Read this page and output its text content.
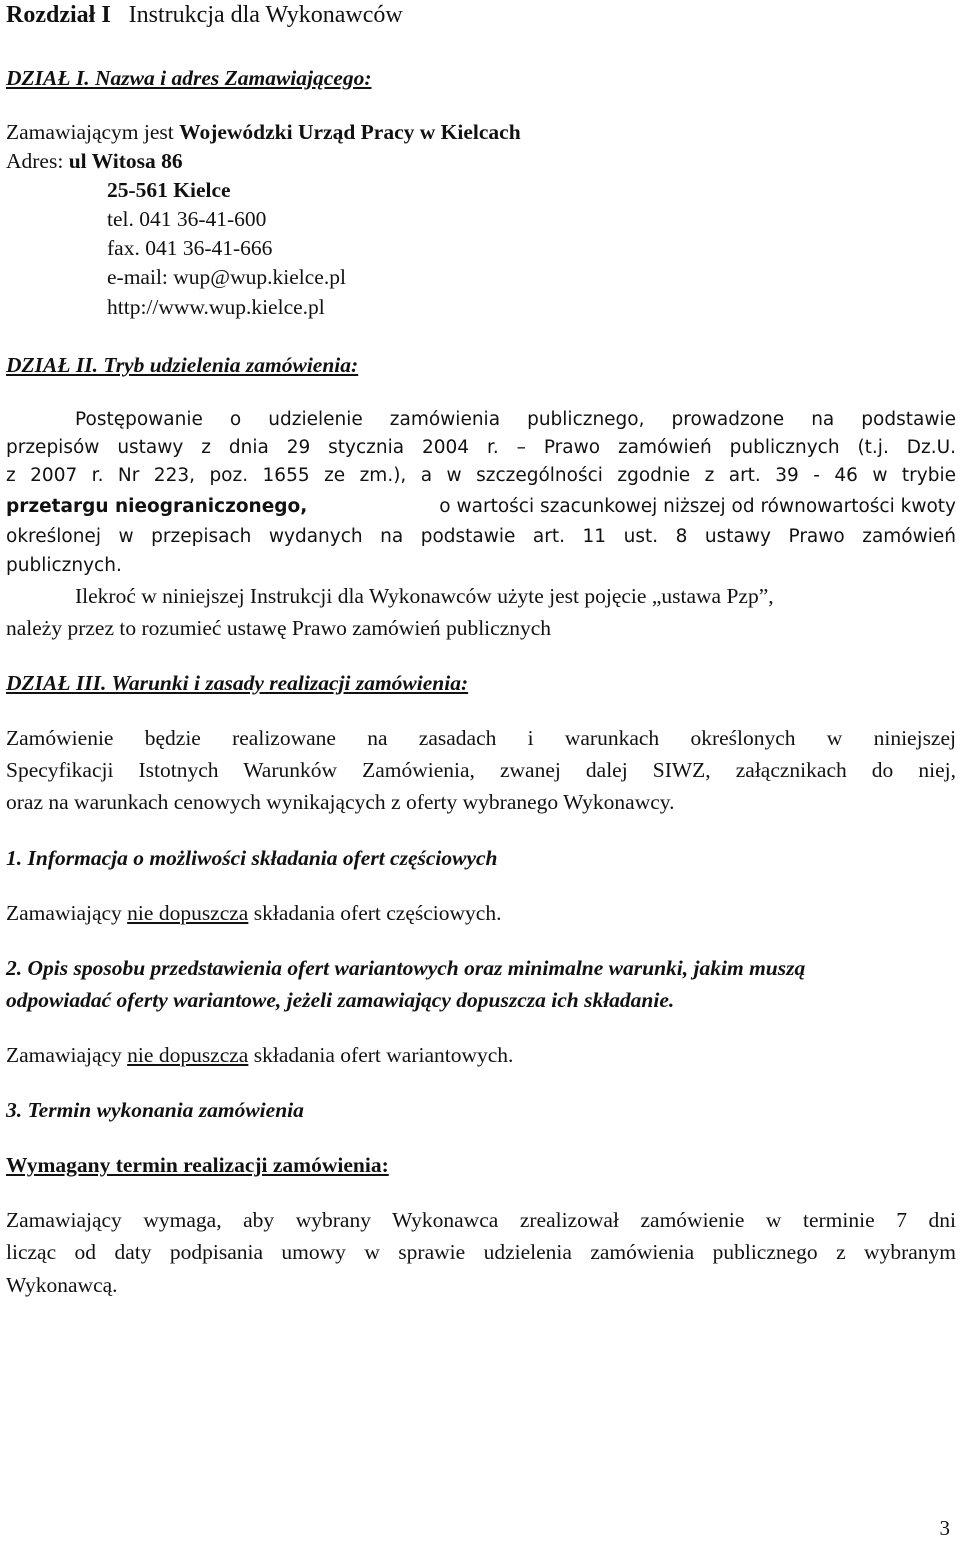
Rozdział I Instrukcja dla Wykonawców
DZIAŁ I. Nazwa i adres Zamawiającego:
Zamawiającym jest Wojewódzki Urząd Pracy w Kielcach
Adres: ul Witosa 86
25-561 Kielce
tel. 041 36-41-600
fax. 041 36-41-666
e-mail: wup@wup.kielce.pl
http://www.wup.kielce.pl
DZIAŁ II. Tryb udzielenia zamówienia:
Postępowanie o udzielenie zamówienia publicznego, prowadzone na podstawie
przepisów ustawy z dnia 29 stycznia 2004 r. – Prawo zamówień publicznych (t.j. Dz.U.
z 2007 r. Nr 223, poz. 1655 ze zm.), a w szczególności zgodnie z art. 39 - 46 w trybie
przetargu nieograniczonego,	o wartości szacunkowej niższej od równowartości kwoty
określonej w przepisach wydanych na podstawie art. 11 ust. 8 ustawy Prawo zamówień
publicznych.
Ilekroć w niniejszej Instrukcji dla Wykonawców użyte jest pojęcie „ustawa Pzp”,
należy przez to rozumieć ustawę Prawo zamówień publicznych
DZIAŁ III. Warunki i zasady realizacji zamówienia:
Zamówienie będzie realizowane na zasadach i warunkach określonych w niniejszej
Specyfikacji Istotnych Warunków Zamówienia, zwanej dalej SIWZ, załącznikach do niej,
oraz na warunkach cenowych wynikających z oferty wybranego Wykonawcy.
1. Informacja o możliwości składania ofert częściowych
Zamawiający nie dopuszcza składania ofert częściowych.
2. Opis sposobu przedstawienia ofert wariantowych oraz minimalne warunki, jakim muszą
odpowiadać oferty wariantowe, jeżeli zamawiający dopuszcza ich składanie.
Zamawiający nie dopuszcza składania ofert wariantowych.
3. Termin wykonania zamówienia
Wymagany termin realizacji zamówienia:
Zamawiający wymaga, aby wybrany Wykonawca zrealizował zamówienie w terminie 7 dni
licząc od daty podpisania umowy w sprawie udzielenia zamówienia publicznego z wybranym
Wykonawcą.
3
